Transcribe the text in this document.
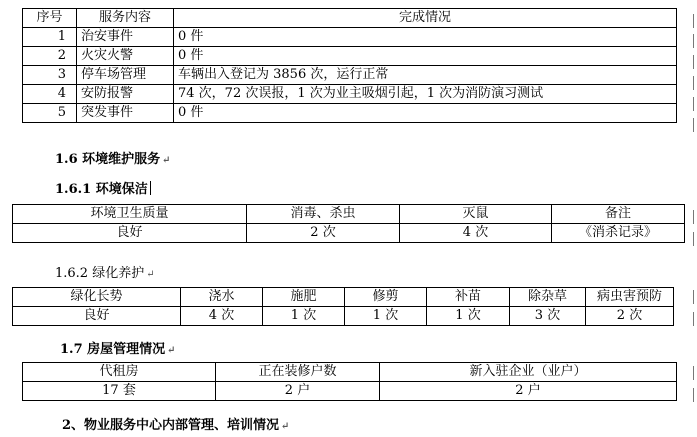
序号	服务内容	完成情况
1	治安事件	0 件
2	火灾火警	0 件
3	停车场管理	车辆出入登记为 3856 次，运行正常
4	安防报警	74 次，72 次误报，1 次为业主吸烟引起，1 次为消防演习测试
5	突发事件	0 件
1.6 环境维护服务 ↵
1.6.1 环境保洁
环境卫生质量	消毒、杀虫	灭鼠	备注
良好	2 次	4 次	《消杀记录》
1.6.2 绿化养护 ↵
绿化长势	浇水	施肥	修剪	补苗	除杂草	病虫害预防
良好	4 次	1 次	1 次	1 次	3 次	2 次
1.7 房屋管理情况 ↵
代租房	正在装修户数	新入驻企业（业户）
17 套	2 户	2 户
2、物业服务中心内部管理、培训情况 ↵
